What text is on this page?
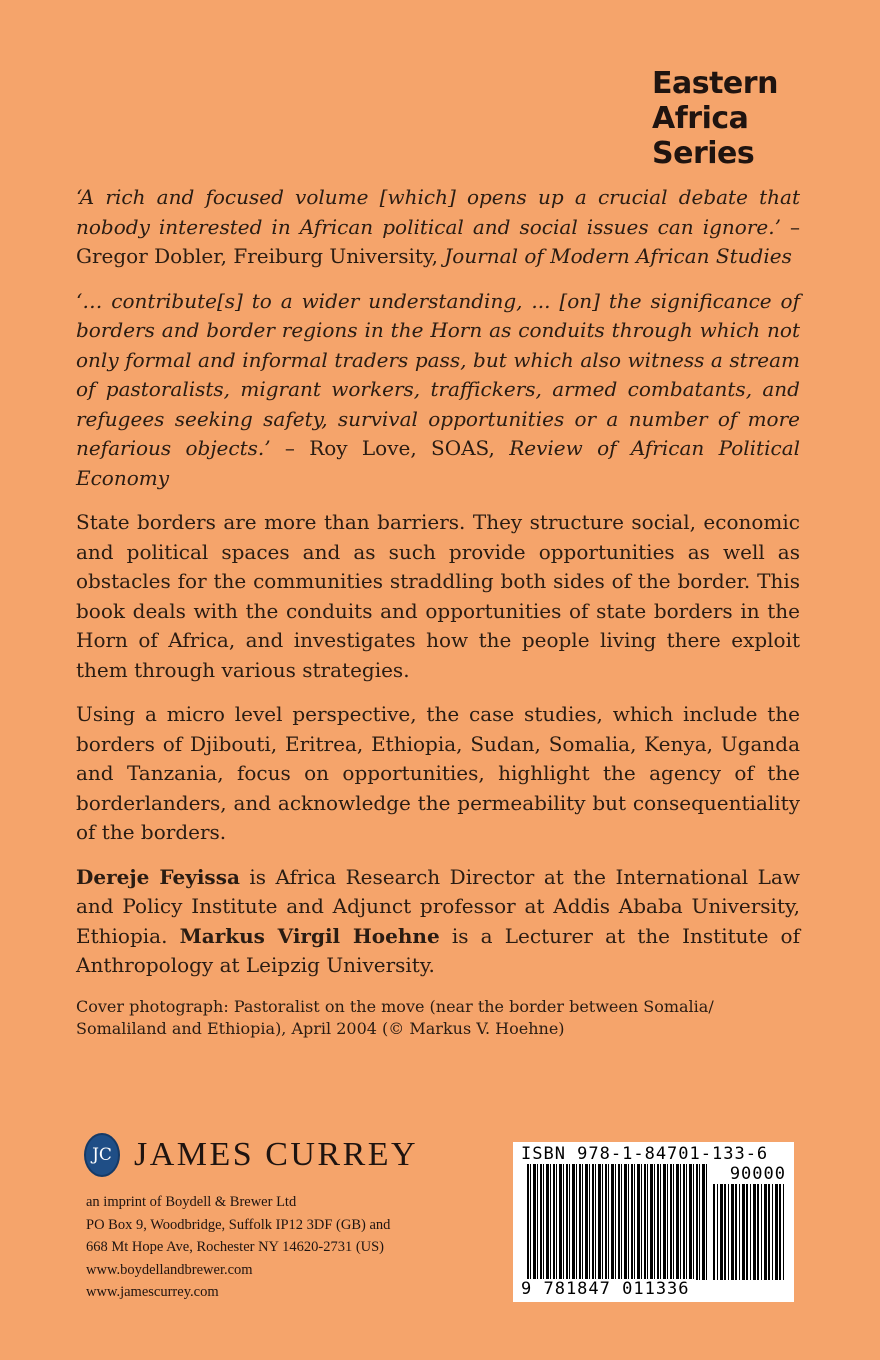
Eastern
Africa
Series

‘A rich and focused volume [which] opens up a crucial debate that nobody interested in African political and social issues can ignore.’ – Gregor Dobler, Freiburg University, Journal of Modern African Studies

‘… contribute[s] to a wider understanding, ... [on] the significance of borders and border regions in the Horn as conduits through which not only formal and informal traders pass, but which also witness a stream of pastoralists, migrant workers, traffickers, armed combatants, and refugees seeking safety, survival opportunities or a number of more nefarious objects.’ – Roy Love, SOAS, Review of African Political Economy

State borders are more than barriers. They structure social, economic and political spaces and as such provide opportunities as well as obstacles for the communities straddling both sides of the border. This book deals with the conduits and opportunities of state borders in the Horn of Africa, and investigates how the people living there exploit them through various strategies.

Using a micro level perspective, the case studies, which include the borders of Djibouti, Eritrea, Ethiopia, Sudan, Somalia, Kenya, Uganda and Tanzania, focus on opportunities, highlight the agency of the borderlanders, and acknowledge the permeability but consequentiality of the borders.

Dereje Feyissa is Africa Research Director at the International Law and Policy Institute and Adjunct professor at Addis Ababa University, Ethiopia. Markus Virgil Hoehne is a Lecturer at the Institute of Anthropology at Leipzig University.

Cover photograph: Pastoralist on the move (near the border between Somalia/ Somaliland and Ethiopia), April 2004 (© Markus V. Hoehne)

JC JAMES CURREY
an imprint of Boydell & Brewer Ltd
PO Box 9, Woodbridge, Suffolk IP12 3DF (GB) and
668 Mt Hope Ave, Rochester NY 14620-2731 (US)
www.boydellandbrewer.com
www.jamescurrey.com
ISBN 978-1-84701-133-6
90000
9 781847 011336
